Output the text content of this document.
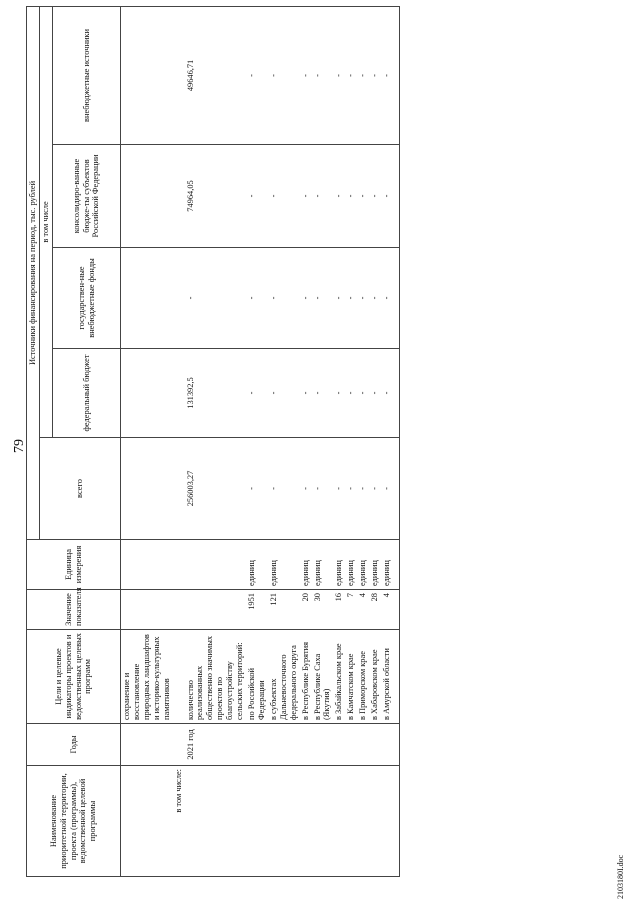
79
2103180I.doc
Наименование приоритетной территории, проекта (программы), ведомственной целевой программы	Годы	Цели и целевые индикаторы проектов и ведомственных целевых программ	Значение показателя	Единица измерения	Источники финансирования на период, тыс. рублей				
					всего	в том числе			
						федеральный бюджет	государствен-ные внебюджетные фонды	консолидиро-ванные бюдже-ты субъектов Российской Федерации	внебюджетные источники
		сохранение и восстановление природных ландшафтов и историко-культурных памятников							
в том числе:									
	2021 год	количество реализованных общественно значимых проектов по благоустройству сельских территорий:			256003,27	131392,5	-	74964,05	49646,71
		по Российской Федерации	1951	единиц	-	-	-	-	-
		в субъектах Дальневосточного федерального округа	121	единиц	-	-	-	-	-
		в Республике Бурятия	20	единиц	-	-	-	-	-
		в Республике Саха (Якутия)	30	единиц	-	-	-	-	-
		в Забайкальском крае	16	единиц	-	-	-	-	-
		в Камчатском крае	7	единиц	-	-	-	-	-
		в Приморском крае	4	единиц	-	-	-	-	-
		в Хабаровском крае	28	единиц	-	-	-	-	-
		в Амурской области	4	единиц	-	-	-	-	-
